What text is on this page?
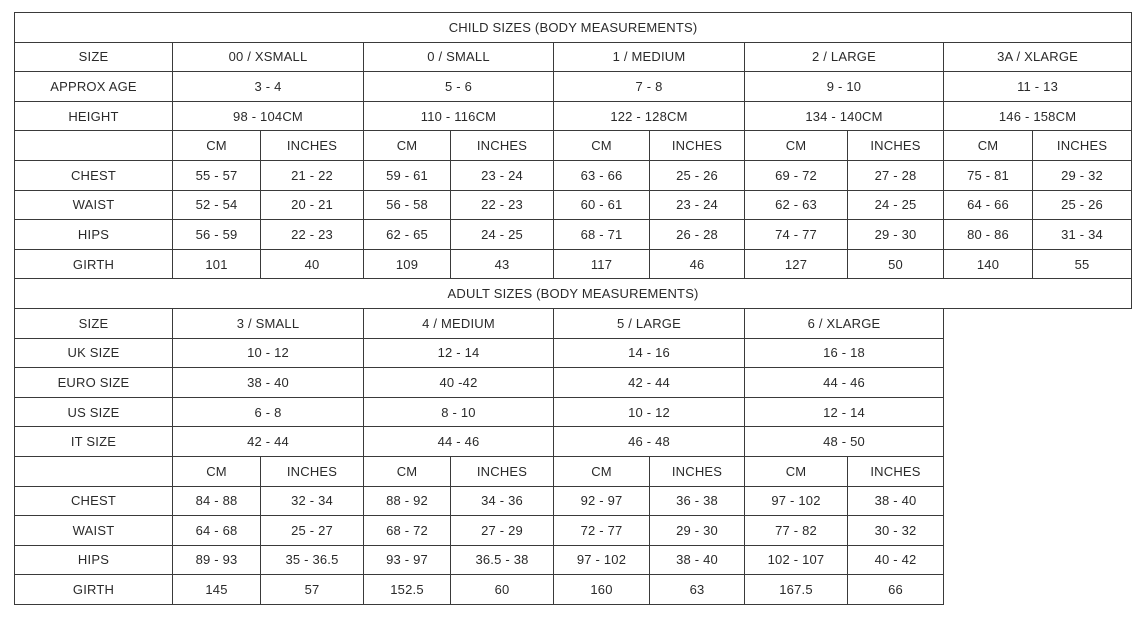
CHILD SIZES (BODY MEASUREMENTS)										
SIZE	00 / XSMALL		0 / SMALL		1 / MEDIUM		2 / LARGE		3A / XLARGE	
APPROX AGE	3 - 4		5 - 6		7 - 8		9 - 10		11 - 13	
HEIGHT	98 - 104CM		110 - 116CM		122 - 128CM		134 - 140CM		146 - 158CM	
	CM	INCHES	CM	INCHES	CM	INCHES	CM	INCHES	CM	INCHES
CHEST	55 - 57	21 - 22	59 - 61	23 - 24	63 - 66	25 - 26	69 - 72	27 - 28	75 - 81	29 - 32
WAIST	52 - 54	20 - 21	56 - 58	22 - 23	60 - 61	23 - 24	62 - 63	24 - 25	64 - 66	25 - 26
HIPS	56 - 59	22 - 23	62 - 65	24 - 25	68 - 71	26 - 28	74 - 77	29 - 30	80 - 86	31 - 34
GIRTH	101	40	109	43	117	46	127	50	140	55
ADULT SIZES (BODY MEASUREMENTS)										
SIZE	3 / SMALL		4 / MEDIUM		5 / LARGE		6 / XLARGE			
UK SIZE	10 - 12		12 - 14		14 - 16		16 - 18			
EURO SIZE	38 - 40		40 -42		42 - 44		44 - 46			
US SIZE	6 - 8		8 - 10		10 - 12		12 - 14			
IT SIZE	42 - 44		44 - 46		46 - 48		48 - 50			
	CM	INCHES	CM	INCHES	CM	INCHES	CM	INCHES		
CHEST	84 - 88	32 - 34	88 - 92	34 - 36	92 - 97	36 - 38	97 - 102	38 - 40		
WAIST	64 - 68	25 - 27	68 - 72	27 - 29	72 - 77	29 - 30	77 - 82	30 - 32		
HIPS	89 - 93	35 - 36.5	93 - 97	36.5 - 38	97 - 102	38 - 40	102 - 107	40 - 42		
GIRTH	145	57	152.5	60	160	63	167.5	66		
